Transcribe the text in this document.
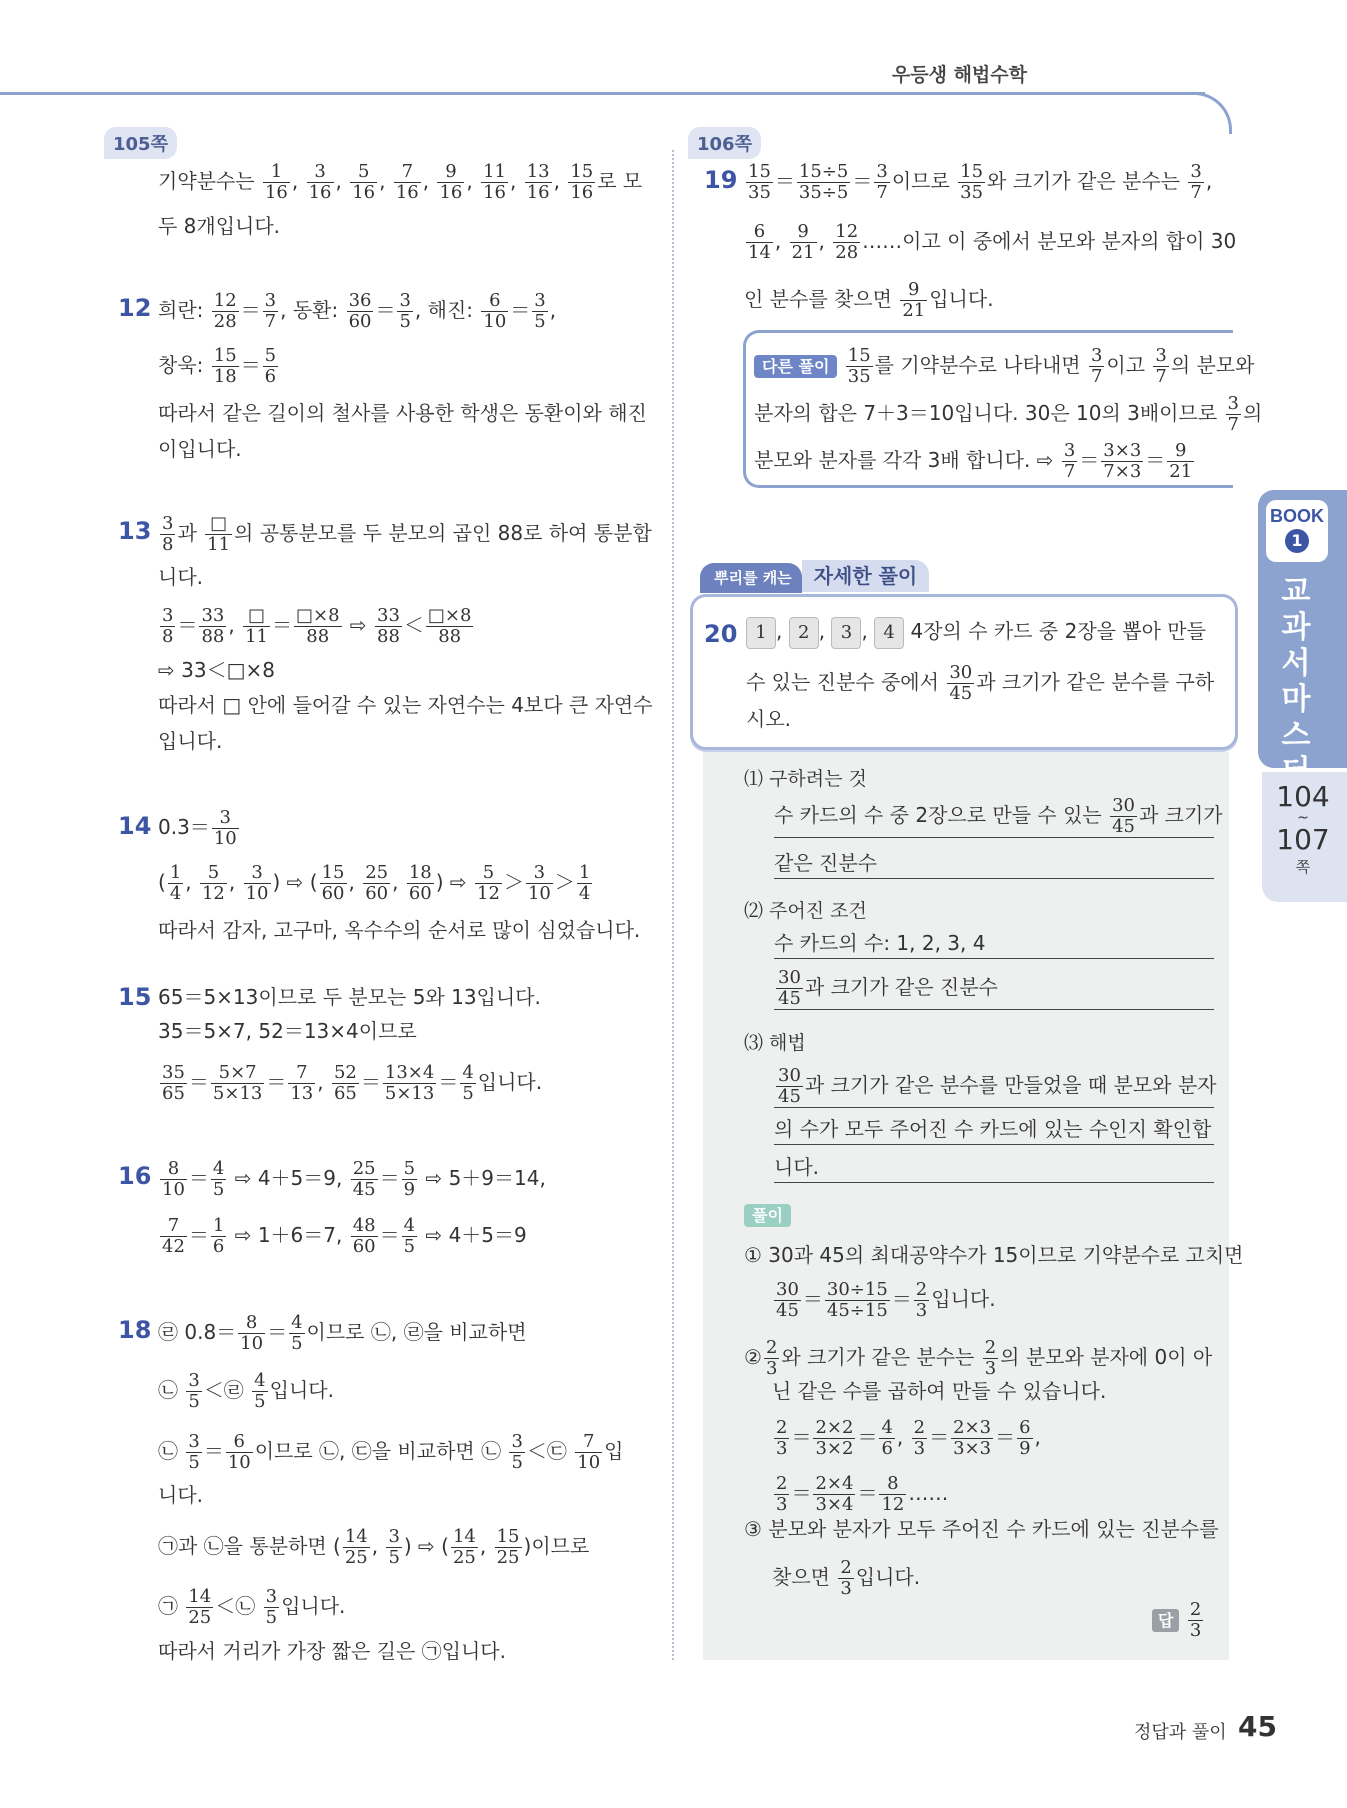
우등생 해법수학
105쪽
기약분수는 $\frac{1}{16}$ , $\frac{3}{16}$ , $\frac{5}{16}$ , $\frac{7}{16}$ , $\frac{9}{16}$ , $\frac{11}{16}$ , $\frac{13}{16}$ , $\frac{15}{16}$ 로 모
두 8개입니다.
12 희란: $\frac{12}{28} = \frac{3}{7}$ , 동환: $\frac{36}{60} = \frac{3}{5}$ , 해진: $\frac{6}{10} = \frac{3}{5}$ ,
창욱: $\frac{15}{18} = \frac{5}{6}$
따라서 같은 길이의 철사를 사용한 학생은 동환이와 해진
이입니다.
$13 \frac{3}{8}$ 과 $\frac{□}{11}$ 의 공통분모를 두 분모의 곱인 88로 하여 통분합
니다.
$\frac{3}{8} = \frac{33}{88}$ , $\frac{□}{11} = \frac{□\times 8}{88}$ ⇨ $\frac{33}{88} < \frac{□\times 8}{88}$
⇨ 33＜□×8
따라서 □ 안에 들어갈 수 있는 자연수는 4보다 큰 자연수
입니다.
14 $0.3= \frac{3}{10}$
( $\frac{1}{4}$ , $\frac{5}{12}$ , $\frac{3}{10}$ ) ⇨ ( $\frac{15}{60}$ , $\frac{25}{60}$ , $\frac{18}{60}$ ) ⇨ $\frac{5}{12} > \frac{3}{10} > \frac{1}{4}$
따라서 감자, 고구마, 옥수수의 순서로 많이 심었습니다.
15 65＝5×13이므로 두 분모는 5와 13입니다.
35＝5×7, 52＝13×4이므로
$\frac{35}{65} = \frac{5\times 7}{5\times 13} = \frac{7}{13}$ , $\frac{52}{65} = \frac{13\times 4}{5\times 13} = \frac{4}{5}$ 입니다.
$16 \frac{8}{10} = \frac{4}{5}$ ⇨ 4＋5＝9, $\frac{25}{45} = \frac{5}{9}$ ⇨ 5＋9＝14,
$\frac{7}{42} = \frac{1}{6}$ ⇨ 1＋6＝7, $\frac{48}{60} = \frac{4}{5}$ ⇨ 4＋5＝9
18 ㉣ $0.8= \frac{8}{10} = \frac{4}{5}$ 이므로 ㉡, ㉣을 비교하면
㉡ $\frac{3}{5}$ ＜㉣ $\frac{4}{5}$ 입니다.
㉡ $\frac{3}{5} = \frac{6}{10}$ 이므로 ㉡, ㉢을 비교하면 ㉡ $\frac{3}{5}$ ＜㉢ $\frac{7}{10}$ 입
니다.
㉠과 ㉡을 통분하면 ( $\frac{14}{25}$ , $\frac{3}{5}$ ) ⇨ ( $\frac{14}{25}$ , $\frac{15}{25}$ )이므로
㉠ $\frac{14}{25}$ ＜㉡ $\frac{3}{5}$ 입니다.
따라서 거리가 가장 짧은 길은 ㉠입니다.
106쪽
$19 \frac{15}{35} = \frac{15\div 5}{35\div 5} = \frac{3}{7}$ 이므로 $\frac{15}{35}$ 와 크기가 같은 분수는 $\frac{3}{7}$ ,
$\frac{6}{14}$ , $\frac{9}{21}$ , $\frac{12}{28}$ ……이고 이 중에서 분모와 분자의 합이 30
인 분수를 찾으면 $\frac{9}{21}$ 입니다.
다른 풀이 $\frac{15}{35}$ 를 기약분수로 나타내면 $\frac{3}{7}$ 이고 $\frac{3}{7}$ 의 분모와
분자의 합은 7＋3＝10입니다. 30은 10의 3배이므로 $\frac{3}{7}$ 의
분모와 분자를 각각 3배 합니다. ⇨ $\frac{3}{7} = \frac{3\times 3}{7\times 3} = \frac{9}{21}$
뿌리를 캐는 자세한 풀이
20 1 , 2 , 3 , 4 4장의 수 카드 중 2장을 뽑아 만들
수 있는 진분수 중에서 $\frac{30}{45}$ 과 크기가 같은 분수를 구하
시오.
⑴ 구하려는 것
수 카드의 수 중 2장으로 만들 수 있는 $\frac{30}{45}$ 과 크기가
같은 진분수
⑵ 주어진 조건
수 카드의 수: 1, 2, 3, 4
$\frac{30}{45}$ 과 크기가 같은 진분수
⑶ 해법
$\frac{30}{45}$ 과 크기가 같은 분수를 만들었을 때 분모와 분자
의 수가 모두 주어진 수 카드에 있는 수인지 확인합
니다.
풀이
① 30과 45의 최대공약수가 15이므로 기약분수로 고치면
$\frac{30}{45} = \frac{30\div 15}{45\div 15} = \frac{2}{3}$ 입니다.
② $\frac{2}{3}$ 와 크기가 같은 분수는 $\frac{2}{3}$ 의 분모와 분자에 0이 아
닌 같은 수를 곱하여 만들 수 있습니다.
$\frac{2}{3} = \frac{2\times 2}{3\times 2} = \frac{4}{6}$ , $\frac{2}{3} = \frac{2\times 3}{3\times 3} = \frac{6}{9}$ ,
$\frac{2}{3} = \frac{2\times 4}{3\times 4} = \frac{8}{12}$ ……
③ 분모와 분자가 모두 주어진 수 카드에 있는 진분수를
찾으면 $\frac{2}{3}$ 입니다.
답 $\frac{2}{3}$
BOOK
1
교과서 마스
104
~
107
쪽
정답과 풀이 45
